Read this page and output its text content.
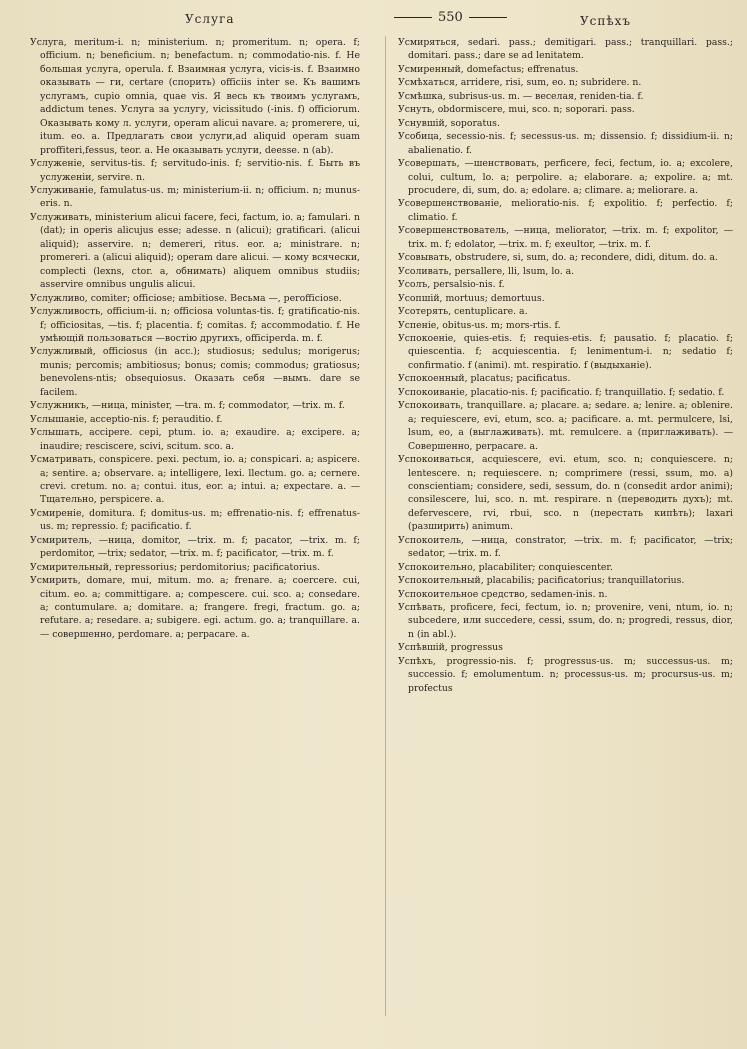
Услуга	550	Успѣхъ

Услуга, meritum-i. n; ministerium. n; promeritum. n; opera. f; officium. n; beneficium. n; benefactum. n; commodatio-nis. f. Не большая услуга, operula. f. Взаимная услуга, vicis-is. f. Взаимно оказывать — ги, certare (спорить) officiis inter se. Къ вашимъ услугамъ, cupio omnia, quae vis. Я весь къ твоимъ услугамъ, addictum tenes. Услуга за услугу, vicissitudo (-inis. f) officiorum. Оказывать кому л. услуги, operam alicui navare. a; promerere, ui, itum. eo. a. Предлагать свои услуги,ad aliquid operam suam proffiteri,fessus, teor. a. Не оказывать услуги, deesse. n (ab).

Услуженіе, servitus-tis. f; servitudo-inis. f; servitio-nis. f. Быть въ услуженіи, servire. n.

Услуживаніе, famulatus-us. m; ministerium-ii. n; officium. n; munus-eris. n.

Услуживать, ministerium alicui facere, feci, factum, io. a; famulari. n (dat); in operis alicujus esse; adesse. n (alicui); gratificari. (alicui aliquid); asservire. n; demereri, ritus. eor. a; ministrare. n; promereri. a (alicui aliquid); operam dare alicui. — кому всячески, complecti (lexns, ctor. a, обнимать) aliquem omnibus studiis; asservire omnibus ungulis alicui.

Услужливо, comiter; officiose; ambitiose. Весьма —, perofficiose.

Услужливость, officium-ii. n; officiosa voluntas-tis. f; gratificatio-nis. f; officiositas, —tis. f; placentia. f; comitas. f; accommodatio. f. Не умѣющій пользоваться —востію другихъ, officiperda. m. f.

Услужливый, officiosus (in acc.); studiosus; sedulus; morigerus; munis; percomis; ambitiosus; bonus; comis; commodus; gratiosus; benevolens-ntis; obsequiosus. Оказать себя —вымъ. dare se facilem.

Услужникъ, —ница, minister, —tra. m. f; commodator, —trix. m. f.

Услышаніе, acceptio-nis. f; perauditio. f.

Услышать, accipere. cepi, ptum. io. a; exaudire. a; excipere. a; inaudire; resciscere, scivi, scitum. sco. a.

Усматривать, conspicere. pexi. pectum, io. a; conspicari. a; aspicere. a; sentire. a; observare. a; intelligere, lexi. llectum. go. a; cernere. crevi. cretum. no. a; contui. itus, eor. a; intui. a; expectare. a. — Тщательно, perspicere. a.

Усмиреніе, domitura. f; domitus-us. m; effrenatio-nis. f; effrenatus-us. m; repressio. f; pacificatio. f.

Усмиритель, —ница, domitor, —trix. m. f; pacator, —trix. m. f; perdomitor, —trix; sedator, —trix. m. f; pacificator, —trix. m. f.

Усмирительный, repressorius; perdomitorius; pacificatorius.

Усмирить, domare, mui, mitum. mo. a; frenare. a; coercere. cui, citum. eo. a; committigare. a; compescere. cui. sco. a; consedare. a; contumulare. a; domitare. a; frangere. fregi, fractum. go. a; refutare. a; resedare. a; subigere. egi. actum. go. a; tranquillare. a. — совершенно, perdomare. a; perpacare. a.

Усмиряться, sedari. pass.; demitigari. pass.; tranquillari. pass.; domitari. pass.; dare se ad lenitatem.

Усмиренный, domefactus; effrenatus.

Усмѣхаться, arridere, risi, sum, eo. n; subridere. n.

Усмѣшка, subrisus-us. m. — веселая, reniden-tia. f.

Уснуть, obdormiscere, mui, sco. n; soporari. pass.

Уснувшій, soporatus.

Усобица, secessio-nis. f; secessus-us. m; dissensio. f; dissidium-ii. n; abalienatio. f.

Усовершать, —шенствовать, perficere, feci, fectum, io. a; excolere, colui, cultum, lo. a; perpolire. a; elaborare. a; expolire. a; mt. procudere, di, sum, do. a; edolare. a; climare. a; meliorare. a.

Усовершенствованіе, melioratio-nis. f; expolitio. f; perfectio. f; climatio. f.

Усовершенствователь, —ница, meliorator, —trix. m. f; expolitor, —trix. m. f; edolator, —trix. m. f; exeultor, —trix. m. f.

Усовывать, obstrudere, si, sum, do. a; recondere, didi, ditum. do. a.

Усоливать, persallere, lli, lsum, lo. a.

Усолъ, persalsio-nis. f.

Усопшій, mortuus; demortuus.

Усотерять, centuplicare. a.

Успеніе, obitus-us. m; mors-rtis. f.

Успокоеніе, quies-etis. f; requies-etis. f; pausatio. f; placatio. f; quiescentia. f; acquiescentia. f; lenimentum-i. n; sedatio f; confirmatio. f (animi). mt. respiratio. f (выдыханіе).

Успокоенный, placatus; pacificatus.

Успокоиваніе, placatio-nis. f; pacificatio. f; tranquillatio. f; sedatio. f.

Успокоивать, tranquillare. a; placare. a; sedare. a; lenire. a; oblenire. a; requiescere, evi, etum, sco. a; pacificare. a. mt. permulcere, lsi, lsum, eo, a (выглаживать). mt. remulcere. a (приглаживать). — Совершенно, perpacare. a.

Успокоиваться, acquiescere, evi. etum, sco. n; conquiescere. n; lentescere. n; requiescere. n; comprimere (ressi, ssum, mo. a) conscientiam; considere, sedi, sessum, do. n (consedit ardor animi); consilescere, lui, sco. n. mt. respirare. n (переводить духъ); mt. defervescere, rvi, rbui, sco. n (перестать кипѣть); laxari (разширить) animum.

Успокоитель, —ница, constrator, —trix. m. f; pacificator, —trix; sedator, —trix. m. f.

Успокоительно, placabiliter; conquiescenter.

Успокоительный, placabilis; pacificatorius; tranquillatorius.

Успокоительное средство, sedamen-inis. n.

Успѣвать, proficere, feci, fectum, io. n; provenire, veni, ntum, io. n; subcedere, или succedere, cessi, ssum, do. n; progredi, ressus, dior, n (in abl.).

Успѣвшій, progressus

Успѣхъ, progressio-nis. f; progressus-us. m; successus-us. m; successio. f; emolumentum. n; processus-us. m; procursus-us. m; profectus
